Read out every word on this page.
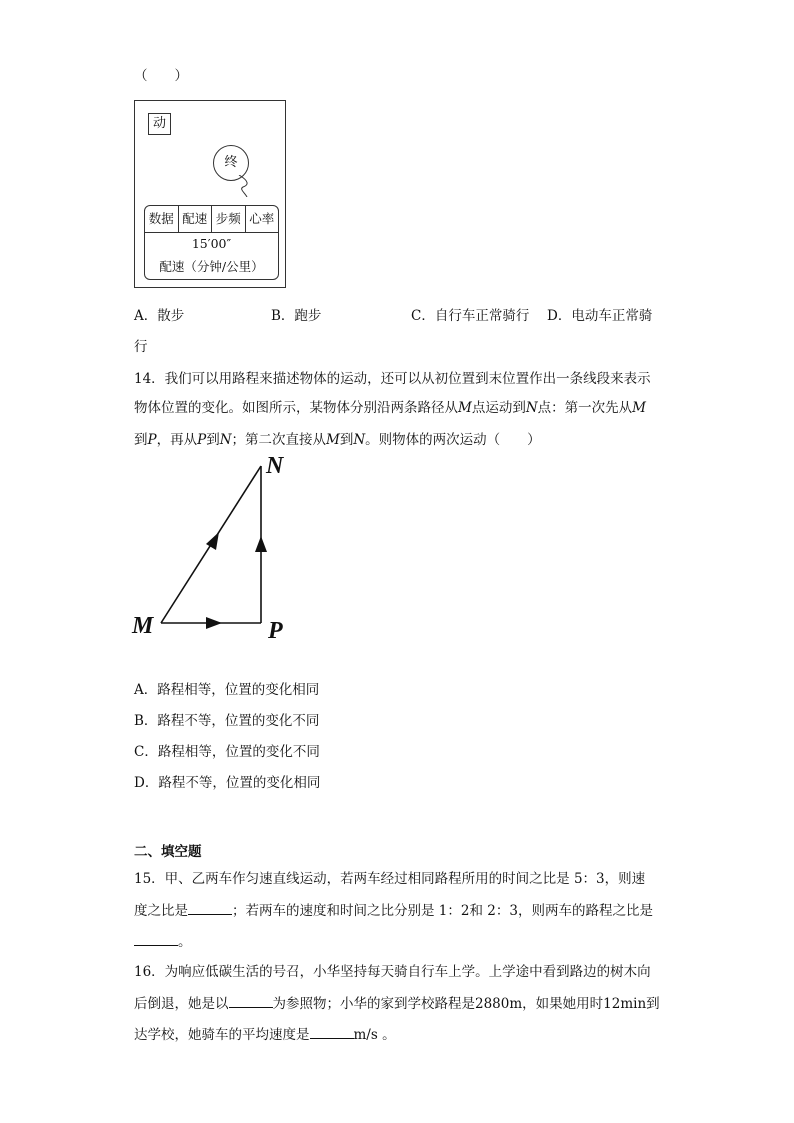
（　　）
动
终
数据 配速 步频 心率
15′00″
配速（分钟/公里）
A．散步	B．跑步	C．自行车正常骑行 D．电动车正常骑
行
14．我们可以用路程来描述物体的运动，还可以从初位置到末位置作出一条线段来表示
物体位置的变化。如图所示，某物体分别沿两条路径从M点运动到N点：第一次先从M
到P，再从P到N；第二次直接从M到N。则物体的两次运动（　　）
N
M	P
A．路程相等，位置的变化相同
B．路程不等，位置的变化不同
C．路程相等，位置的变化不同
D．路程不等，位置的变化相同
二、填空题
15．甲、乙两车作匀速直线运动，若两车经过相同路程所用的时间之比是 5：3，则速
度之比是	；若两车的速度和时间之比分别是 1：2和 2：3，则两车的路程之比是
。
16．为响应低碳生活的号召，小华坚持每天骑自行车上学。上学途中看到路边的树木向
后倒退，她是以	为参照物；小华的家到学校路程是2880m，如果她用时12min到
达学校，她骑车的平均速度是	m/s 。
